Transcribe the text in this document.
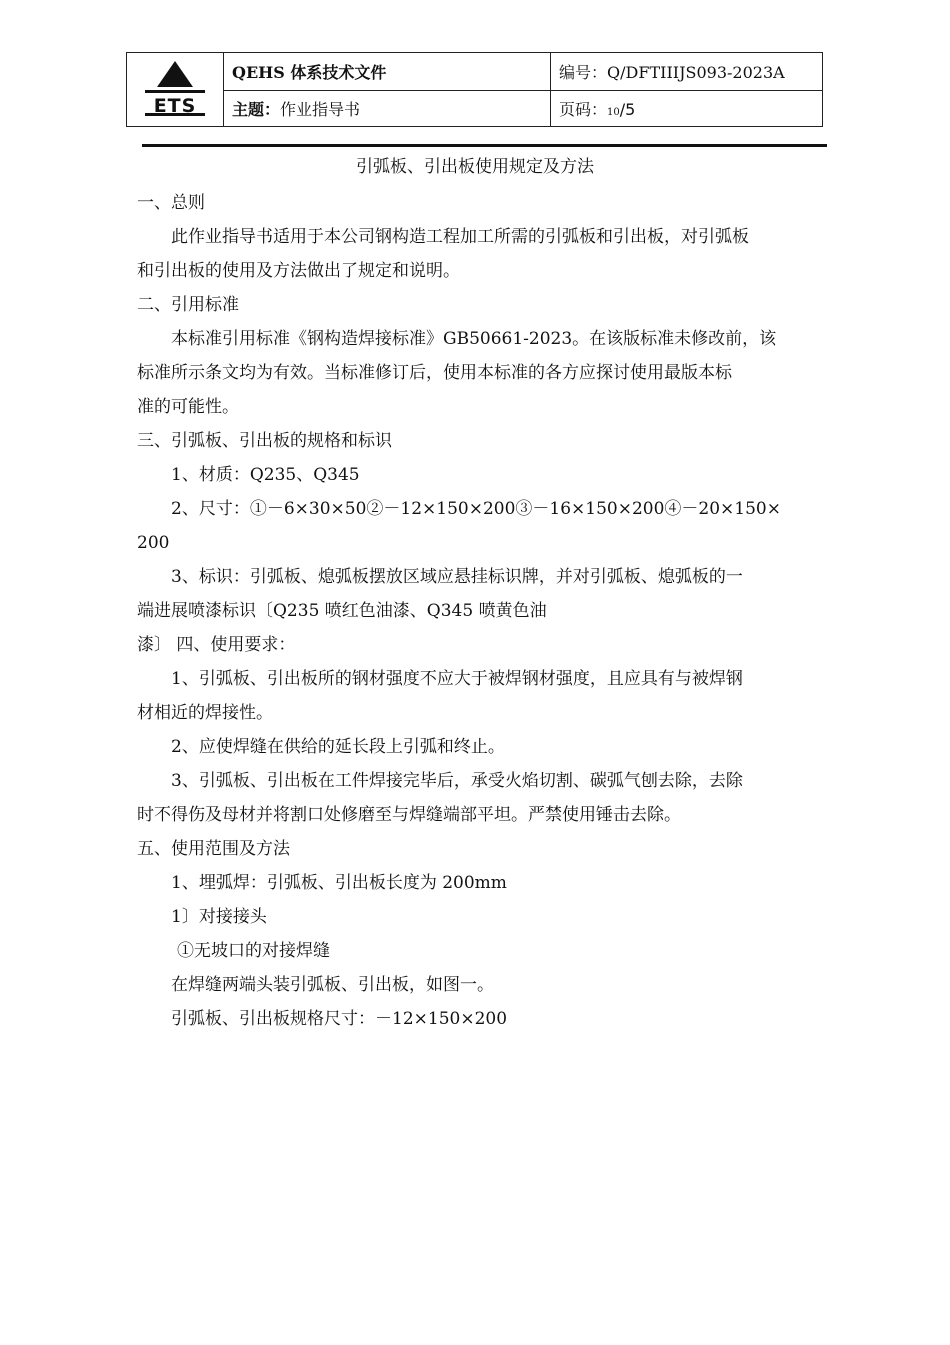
ETS	QEHS 体系技术文件	编号：Q/DFTIIIJS093-2023A
	主题：作业指导书	页码：10/5
引弧板、引出板使用规定及方法
一、总则
此作业指导书适用于本公司钢构造工程加工所需的引弧板和引出板，对引弧板
和引出板的使用及方法做出了规定和说明。
二、引用标准
本标准引用标准《钢构造焊接标准》GB50661-2023。在该版标准未修改前，该
标准所示条文均为有效。当标准修订后，使用本标准的各方应探讨使用最版本标
准的可能性。
三、引弧板、引出板的规格和标识
1、材质：Q235、Q345
2、尺寸：①－6×30×50②－12×150×200③－16×150×200④－20×150×
200
3、标识：引弧板、熄弧板摆放区域应悬挂标识牌，并对引弧板、熄弧板的一
端进展喷漆标识〔Q235 喷红色油漆、Q345 喷黄色油
漆〕 四、使用要求：
1、引弧板、引出板所的钢材强度不应大于被焊钢材强度，且应具有与被焊钢
材相近的焊接性。
2、应使焊缝在供给的延长段上引弧和终止。
3、引弧板、引出板在工件焊接完毕后，承受火焰切割、碳弧气刨去除，去除
时不得伤及母材并将割口处修磨至与焊缝端部平坦。严禁使用锤击去除。
五、使用范围及方法
1、埋弧焊：引弧板、引出板长度为 200mm
1〕对接接头
①无坡口的对接焊缝
在焊缝两端头装引弧板、引出板，如图一。
引弧板、引出板规格尺寸：－12×150×200
